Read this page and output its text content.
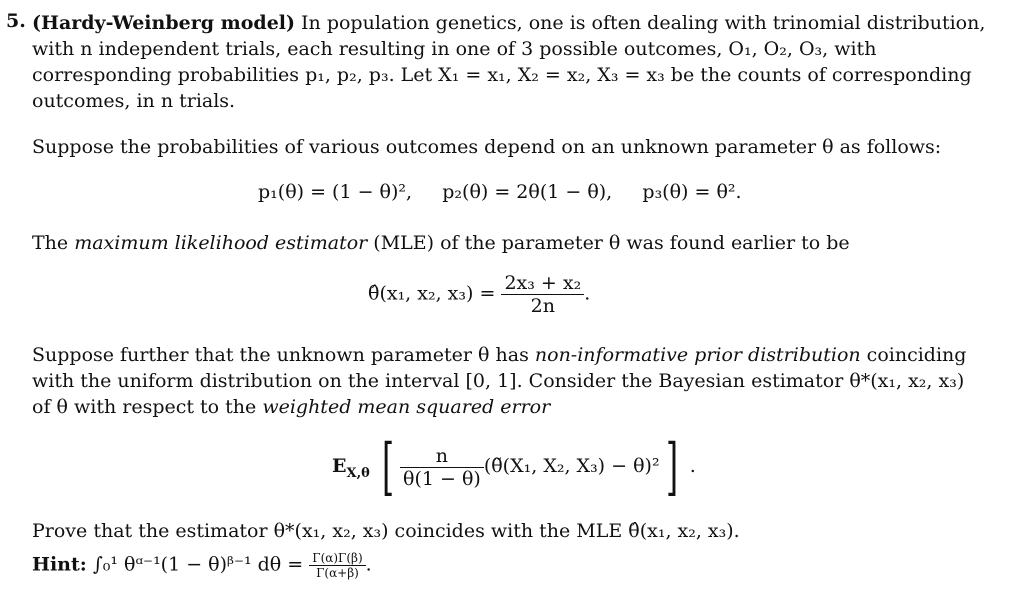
5. (Hardy-Weinberg model) In population genetics, one is often dealing with trinomial distribution, with n independent trials, each resulting in one of 3 possible outcomes, O₁, O₂, O₃, with corresponding probabilities p₁, p₂, p₃. Let X₁ = x₁, X₂ = x₂, X₃ = x₃ be the counts of corresponding outcomes, in n trials.

Suppose the probabilities of various outcomes depend on an unknown parameter θ as follows:

p₁(θ) = (1 − θ)²,     p₂(θ) = 2θ(1 − θ),     p₃(θ) = θ².

The maximum likelihood estimator (MLE) of the parameter θ was found earlier to be

θ̂(x₁, x₂, $x_3) = \frac{\text{2x₃ + x₂}}{2n}$ .

Suppose further that the unknown parameter θ has non-informative prior distribution coinciding with the uniform distribution on the interval [0, 1]. Consider the Bayesian estimator θ*(x₁, x₂, x₃) of θ with respect to the weighted mean squared error

$E_{X,\theta}$ [ $\frac{n}{\theta(1 - \theta)}$ (θ̃(X₁, X₂, X₃) − θ)²] .

Prove that the estimator θ*(x₁, x₂, x₃) coincides with the MLE θ̂(x₁, x₂, x₃).

Hint: ∫₀¹ θᵅ⁻¹(1 − θ)ᵝ⁻¹ $d\theta = \frac{\Gamma(\alpha)\Gamma(\beta)}{\Gamma(\alpha+\beta)}$ .
